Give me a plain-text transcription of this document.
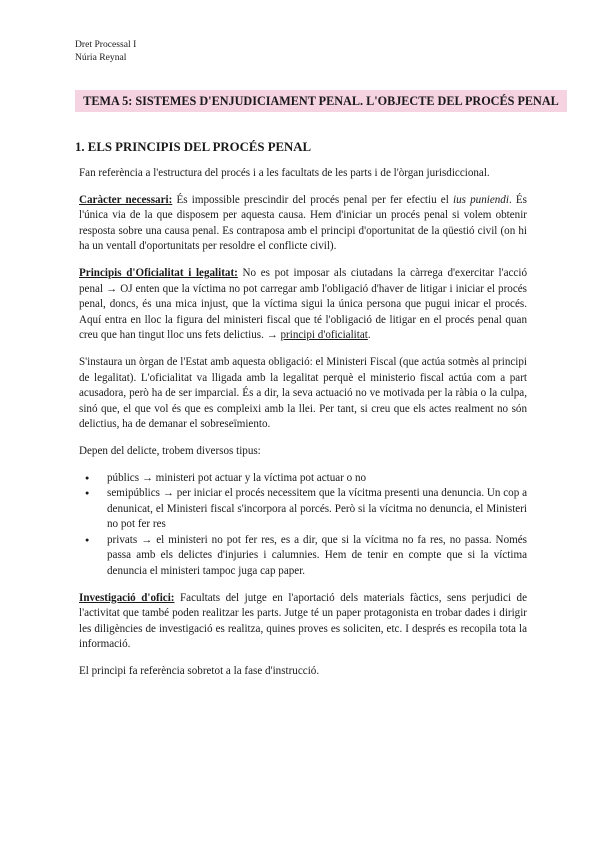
Dret Processal I
Núria Reynal
TEMA 5: SISTEMES D'ENJUDICIAMENT PENAL. L'OBJECTE DEL PROCÉS PENAL
1. ELS PRINCIPIS DEL PROCÉS PENAL

Fan referència a l'estructura del procés i a les facultats de les parts i de l'òrgan jurisdiccional.

Caràcter necessari: És impossible prescindir del procés penal per fer efectiu el ius puniendi. És l'única via de la que disposem per aquesta causa. Hem d'iniciar un procés penal si volem obtenir resposta sobre una causa penal. Es contraposa amb el principi d'oportunitat de la qüestió civil (on hi ha un ventall d'oportunitats per resoldre el conflicte civil).

Principis d'Oficialitat i legalitat: No es pot imposar als ciutadans la càrrega d'exercitar l'acció penal → OJ enten que la víctima no pot carregar amb l'obligació d'haver de litigar i iniciar el procés penal, doncs, és una mica injust, que la víctima sigui la única persona que pugui inicar el procés. Aquí entra en lloc la figura del ministeri fiscal que té l'obligació de litigar en el procés penal quan creu que han tingut lloc uns fets delictius. → principi d'oficialitat.

S'instaura un òrgan de l'Estat amb aquesta obligació: el Ministeri Fiscal (que actúa sotmès al principi de legalitat). L'oficialitat va lligada amb la legalitat perquè el ministerio fiscal actúa com a part acusadora, però ha de ser imparcial. És a dir, la seva actuació no ve motivada per la ràbia o la culpa, sinó que, el que vol és que es compleixi amb la llei. Per tant, si creu que els actes realment no són delictius, ha de demanar el sobreseïmiento.

Depen del delicte, trobem diversos tipus:

● públics → ministeri pot actuar y la víctima pot actuar o no
● semipúblics → per iniciar el procés necessitem que la vícitma presenti una denuncia. Un cop a denunicat, el Ministeri fiscal s'incorpora al porcés. Però si la vícitma no denuncia, el Ministeri no pot fer res
● privats → el ministeri no pot fer res, es a dir, que si la vícitma no fa res, no passa. Només passa amb els delictes d'injuries i calumnies. Hem de tenir en compte que si la víctima denuncia el ministeri tampoc juga cap paper.

Investigació d'ofici: Facultats del jutge en l'aportació dels materials fàctics, sens perjudici de l'activitat que també poden realitzar les parts. Jutge té un paper protagonista en trobar dades i dirigir les diligències de investigació es realitza, quines proves es soliciten, etc. I després es recopila tota la informació.

El principi fa referència sobretot a la fase d'instrucció.
